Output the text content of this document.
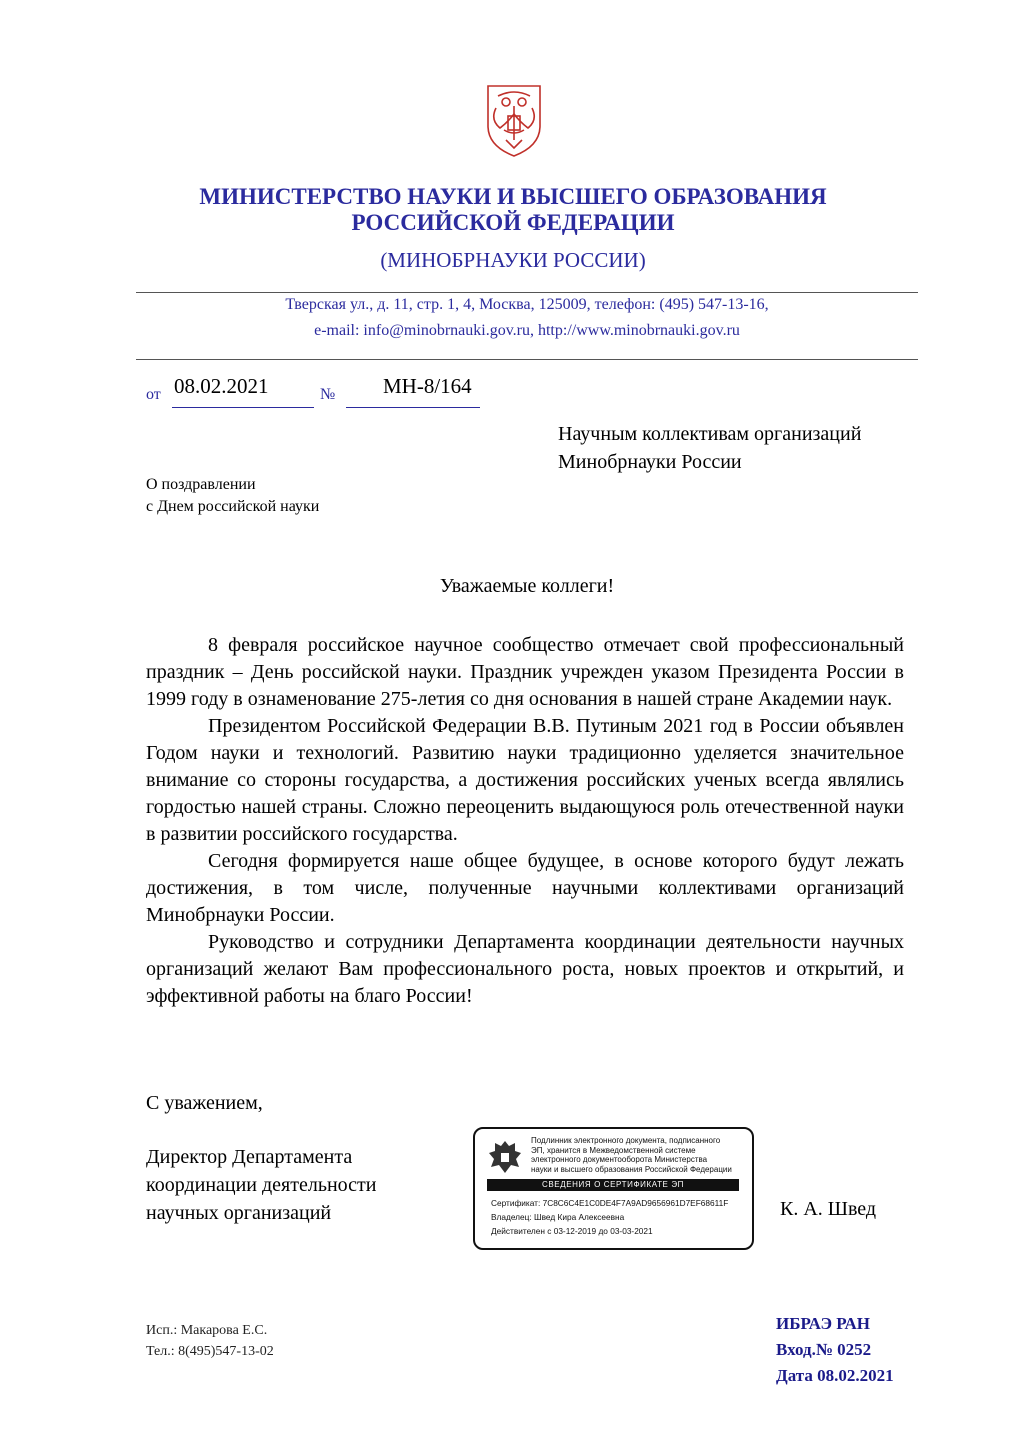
МИНИСТЕРСТВО НАУКИ И ВЫСШЕГО ОБРАЗОВАНИЯ
РОССИЙСКОЙ ФЕДЕРАЦИИ
(МИНОБРНАУКИ РОССИИ)
Тверская ул., д. 11, стр. 1, 4, Москва, 125009, телефон: (495) 547-13-16,
e-mail: info@minobrnauki.gov.ru, http://www.minobrnauki.gov.ru
от 08.02.2021	№ МН-8/164
Научным коллективам организаций
Минобрнауки России
О поздравлении
с Днем российской науки
Уважаемые коллеги!

8 февраля российское научное сообщество отмечает свой профессиональный праздник – День российской науки. Праздник учрежден указом Президента России в 1999 году в ознаменование 275-летия со дня основания в нашей стране Академии наук.

Президентом Российской Федерации В.В. Путиным 2021 год в России объявлен Годом науки и технологий. Развитию науки традиционно уделяется значительное внимание со стороны государства, а достижения российских ученых всегда являлись гордостью нашей страны. Сложно переоценить выдающуюся роль отечественной науки в развитии российского государства.

Сегодня формируется наше общее будущее, в основе которого будут лежать достижения, в том числе, полученные научными коллективами организаций Минобрнауки России.

Руководство и сотрудники Департамента координации деятельности научных организаций желают Вам профессионального роста, новых проектов и открытий, и эффективной работы на благо России!

С уважением,
Директор Департамента
координации деятельности
научных организаций
Подлинник электронного документа, подписанного
ЭП, хранится в Межведомственной системе
электронного документооборота Министерства
науки и высшего образования Российской Федерации
СВЕДЕНИЯ О СЕРТИФИКАТЕ ЭП
Сертификат: 7C8C6C4E1C0DE4F7A9AD9656961D7EF68611F
Владелец: Швед Кира Алексеевна
Действителен с 03-12-2019 до 03-03-2021
К. А. Швед
Исп.: Макарова Е.С.
Тел.: 8(495)547-13-02
ИБРАЭ РАН
Вход.№ 0252
Дата 08.02.2021
